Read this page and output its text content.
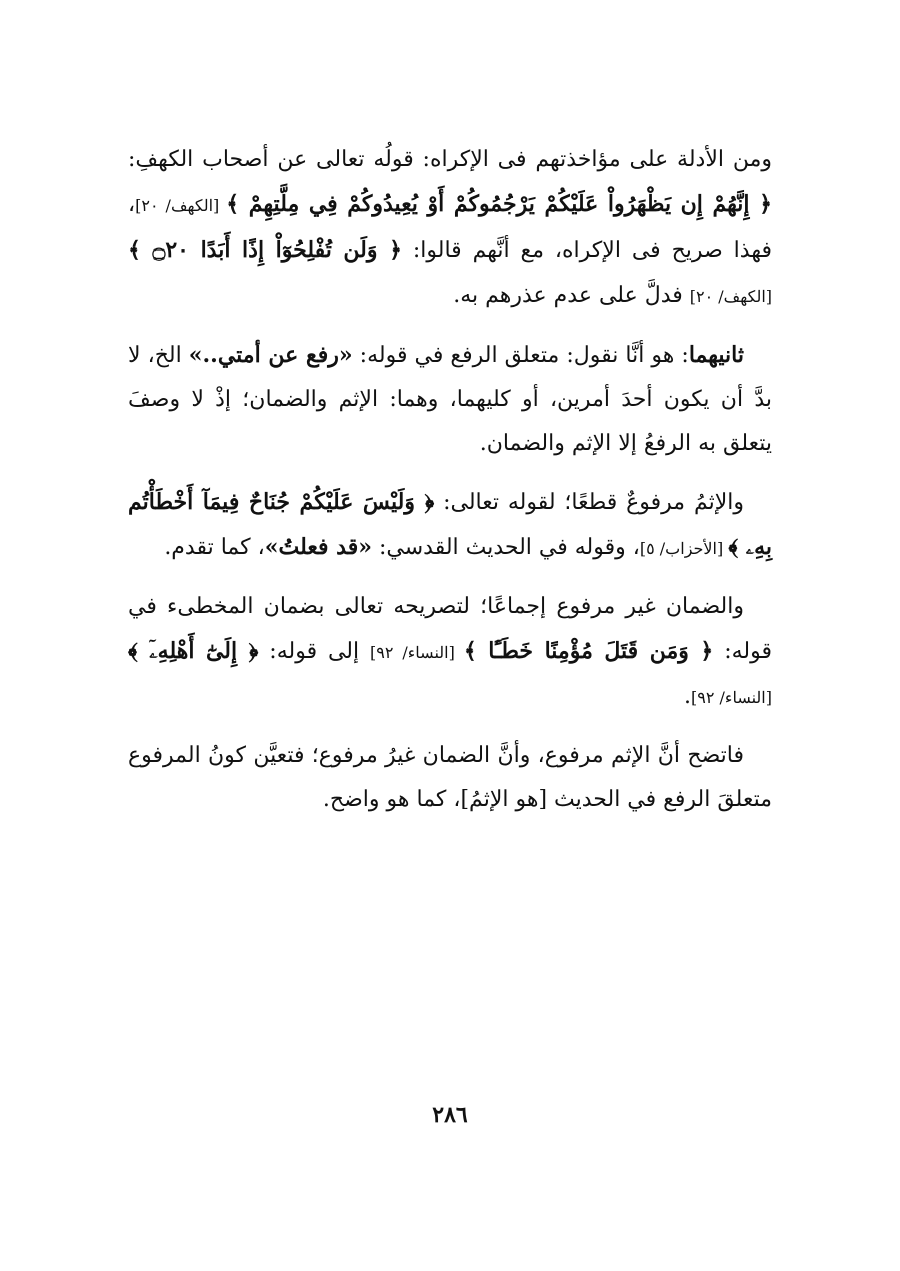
ومن الأدلة على مؤاخذتهم فى الإكراه: قولُه تعالى عن أصحاب الكهفِ: ﴿ إِنَّهُمْ إِن يَظْهَرُواْ عَلَيْكُمْ يَرْجُمُوكُمْ أَوْ يُعِيدُوكُمْ فِي مِلَّتِهِمْ ﴾ [الكهف/ ٢٠]، فهذا صريح فى الإكراه، مع أنَّهم قالوا: ﴿ وَلَن تُفْلِحُوٓاْ إِذًا أَبَدًا ۝٢٠ ﴾ [الكهف/ ٢٠] فدلَّ على عدم عذرهم به.

ثانيهما: هو أنَّا نقول: متعلق الرفع في قوله: «رفع عن أمتي..» الخ، لا بدَّ أن يكون أحدَ أمرين، أو كليهما، وهما: الإثم والضمان؛ إذْ لا وصفَ يتعلق به الرفعُ إلا الإثم والضمان.

والإثمُ مرفوعٌ قطعًا؛ لقوله تعالى: ﴿ وَلَيْسَ عَلَيْكُمْ جُنَاحٌ فِيمَآ أَخْطَأْتُم بِهِۦ ﴾ [الأحزاب/ ٥]، وقوله في الحديث القدسي: «قد فعلتُ»، كما تقدم.

والضمان غير مرفوع إجماعًا؛ لتصريحه تعالى بضمان المخطىء في قوله: ﴿ وَمَن قَتَلَ مُؤْمِنًا خَطَـًٔا ﴾ [النساء/ ٩٢] إلى قوله: ﴿ إِلَىٰٓ أَهْلِهِۦٓ ﴾ [النساء/ ٩٢].

فاتضح أنَّ الإثم مرفوع، وأنَّ الضمان غيرُ مرفوع؛ فتعيَّن كونُ المرفوع متعلقَ الرفع في الحديث [هو الإثمُ]، كما هو واضح.

٢٨٦
